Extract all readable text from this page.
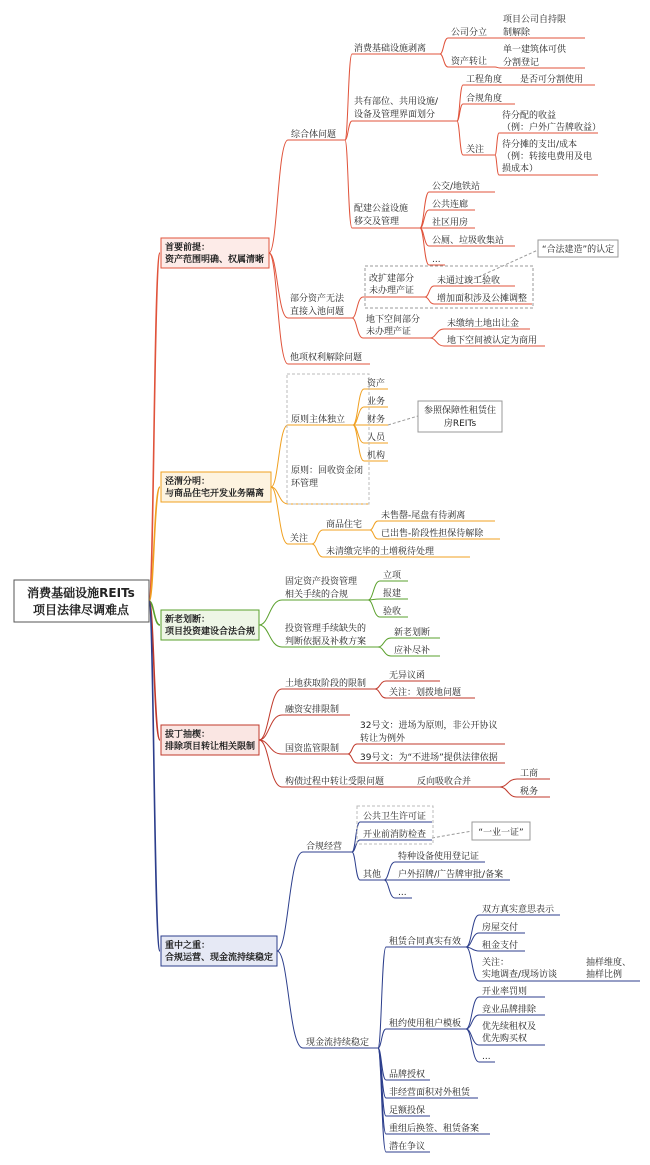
消费基础设施REITs
项目法律尽调难点
首要前提：
资产范围明确、权属清晰
综合体问题
消费基础设施剥离
公司分立
项目公司自持限
制解除
资产转让
单一建筑体可供
分割登记
共有部位、共用设施/
设备及管理界面划分
工程角度 是否可分割使用
合规角度
关注
待分配的收益
（例：户外广告牌收益）
待分摊的支出/成本
（例：转接电费用及电
损成本）
配建公益设施
移交及管理
公交/地铁站
公共连廊
社区用房
公厕、垃圾收集站
...
部分资产无法
直接入池问题
改扩建部分
未办理产证
未通过竣工验收
增加面积涉及公摊调整
“合法建造”的认定
地下空间部分
未办理产证
未缴纳土地出让金
地下空间被认定为商用
他项权利解除问题
泾渭分明：
与商品住宅开发业务隔离
原则主体独立
资产
业务
财务
人员
机构
参照保障性租赁住
房REITs
原则：回收资金闭
环管理
关注
商品住宅
未售罄-尾盘有待剥离
已出售-阶段性担保待解除
未清缴完毕的土增税待处理
新老划断：
项目投资建设合法合规
固定资产投资管理
相关手续的合规
立项
报建
验收
投资管理手续缺失的
判断依据及补救方案
新老划断
应补尽补
拔丁抽楔：
排除项目转让相关限制
土地获取阶段的限制
无异议函
关注：划拨地问题
融资安排限制
国资监管限制
32号文：进场为原则，非公开协议
转让为例外
39号文：为“不进场”提供法律依据
构债过程中转让受限问题	反向吸收合并
工商
税务
重中之重：
合规运营、现金流持续稳定
合规经营
公共卫生许可证
开业前消防检查	“一业一证”
其他
特种设备使用登记证
户外招牌/广告牌审批/备案
...
现金流持续稳定
租赁合同真实有效
双方真实意思表示
房屋交付
租金支付
关注：
实地调查/现场访谈
抽样维度、
抽样比例
租约使用租户模板
开业率罚则
竞业品牌排除
优先续租权及
优先购买权
...
品牌授权
非经营面积对外租赁
足额投保
重组后换签、租赁备案
潜在争议
